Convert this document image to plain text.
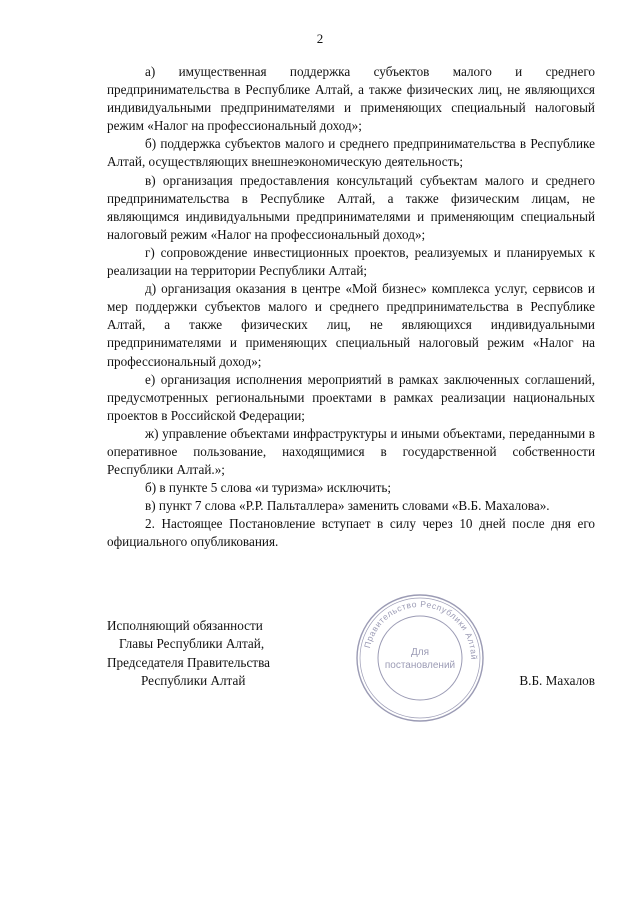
2

а) имущественная поддержка субъектов малого и среднего предпринимательства в Республике Алтай, а также физических лиц, не являющихся индивидуальными предпринимателями и применяющих специальный налоговый режим «Налог на профессиональный доход»;

б) поддержка субъектов малого и среднего предпринимательства в Республике Алтай, осуществляющих внешнеэкономическую деятельность;

в) организация предоставления консультаций субъектам малого и среднего предпринимательства в Республике Алтай, а также физическим лицам, не являющимся индивидуальными предпринимателями и применяющим специальный налоговый режим «Налог на профессиональный доход»;

г) сопровождение инвестиционных проектов, реализуемых и планируемых к реализации на территории Республики Алтай;

д) организация оказания в центре «Мой бизнес» комплекса услуг, сервисов и мер поддержки субъектов малого и среднего предпринимательства в Республике Алтай, а также физических лиц, не являющихся индивидуальными предпринимателями и применяющих специальный налоговый режим «Налог на профессиональный доход»;

е) организация исполнения мероприятий в рамках заключенных соглашений, предусмотренных региональными проектами в рамках реализации национальных проектов в Российской Федерации;

ж) управление объектами инфраструктуры и иными объектами, переданными в оперативное пользование, находящимися в государственной собственности Республики Алтай.»;

б) в пункте 5 слова «и туризма» исключить;

в) пункт 7 слова «Р.Р. Пальталлера» заменить словами «В.Б. Махалова».

2. Настоящее Постановление вступает в силу через 10 дней после дня его официального опубликования.

Исполняющий обязанности
Главы Республики Алтай,
Председателя Правительства
Республики Алтай	В.Б. Махалов
Правительство Республики Алтай
Для
постановлений
